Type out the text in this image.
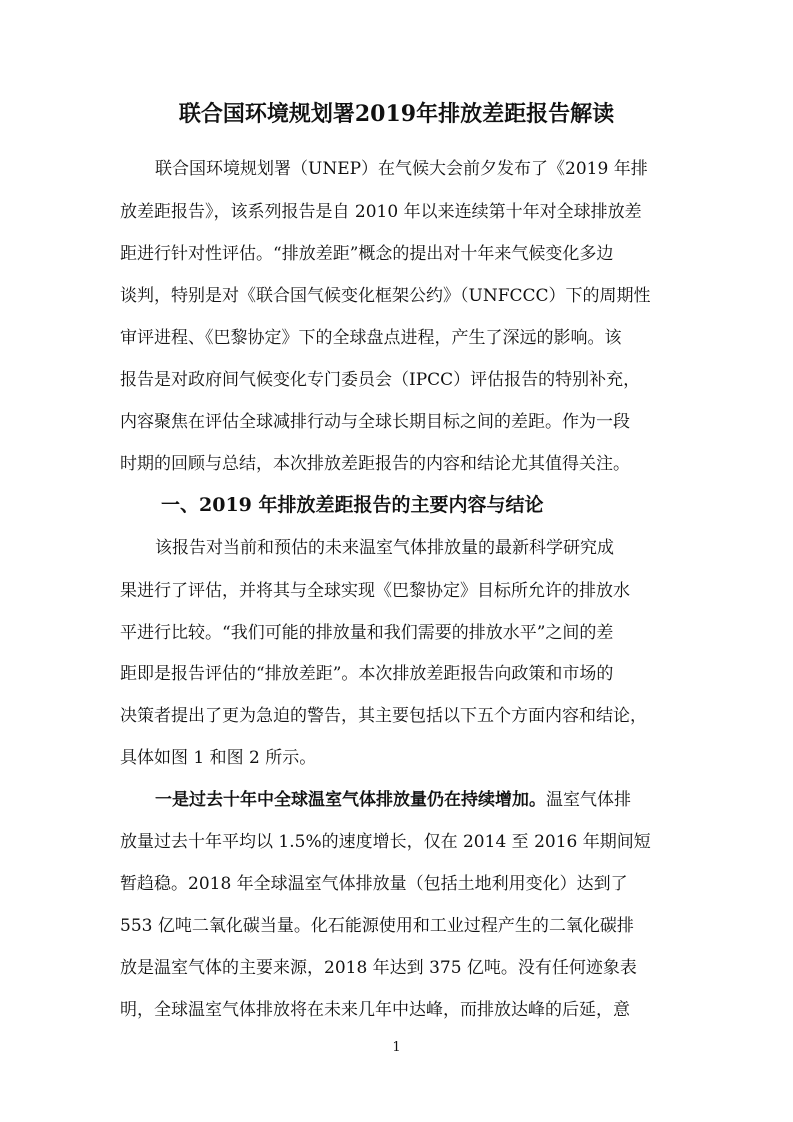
联合国环境规划署2019年排放差距报告解读

联合国环境规划署（UNEP）在气候大会前夕发布了《2019 年排

放差距报告》，该系列报告是自 2010 年以来连续第十年对全球排放差

距进行针对性评估。“排放差距”概念的提出对十年来气候变化多边

谈判，特别是对《联合国气候变化框架公约》（UNFCCC）下的周期性

审评进程、《巴黎协定》下的全球盘点进程，产生了深远的影响。该

报告是对政府间气候变化专门委员会（IPCC）评估报告的特别补充，

内容聚焦在评估全球减排行动与全球长期目标之间的差距。作为一段

时期的回顾与总结，本次排放差距报告的内容和结论尤其值得关注。

一、2019 年排放差距报告的主要内容与结论

该报告对当前和预估的未来温室气体排放量的最新科学研究成

果进行了评估，并将其与全球实现《巴黎协定》目标所允许的排放水

平进行比较。“我们可能的排放量和我们需要的排放水平”之间的差

距即是报告评估的“排放差距”。本次排放差距报告向政策和市场的

决策者提出了更为急迫的警告，其主要包括以下五个方面内容和结论，

具体如图 1 和图 2 所示。

一是过去十年中全球温室气体排放量仍在持续增加。温室气体排

放量过去十年平均以 1.5%的速度增长，仅在 2014 至 2016 年期间短

暂趋稳。2018 年全球温室气体排放量（包括土地利用变化）达到了

553 亿吨二氧化碳当量。化石能源使用和工业过程产生的二氧化碳排

放是温室气体的主要来源，2018 年达到 375 亿吨。没有任何迹象表

明，全球温室气体排放将在未来几年中达峰，而排放达峰的后延，意

1
